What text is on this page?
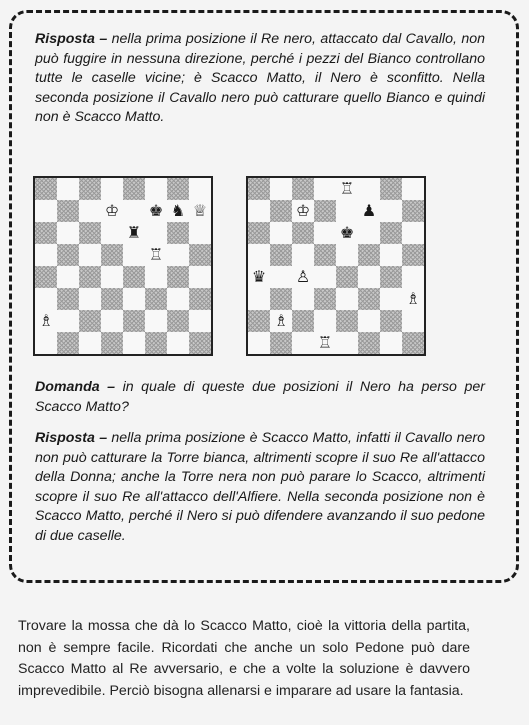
Risposta – nella prima posizione il Re nero, attaccato dal Cavallo, non può fuggire in nessuna direzione, perché i pezzi del Bianco controllano tutte le caselle vicine; è Scacco Matto, il Nero è sconfitto. Nella seconda posizione il Cavallo nero può catturare quello Bianco e quindi non è Scacco Matto.

♔ ♚ ♞ ♕
♜
♖
♗
♖
♔	♟
♚
♛ ♙
♗
♗
♖

Domanda – in quale di queste due posizioni il Nero ha perso per Scacco Matto?

Risposta – nella prima posizione è Scacco Matto, infatti il Cavallo nero non può catturare la Torre bianca, altrimenti scopre il suo Re all'attacco della Donna; anche la Torre nera non può parare lo Scacco, altrimenti scopre il suo Re all'attacco dell'Alfiere. Nella seconda posizione non è Scacco Matto, perché il Nero si può difendere avanzando il suo pedone di due caselle.

Trovare la mossa che dà lo Scacco Matto, cioè la vittoria della partita, non è sempre facile. Ricordati che anche un solo Pedone può dare Scacco Matto al Re avversario, e che a volte la soluzione è davvero imprevedibile. Perciò bisogna allenarsi e imparare ad usare la fantasia.
